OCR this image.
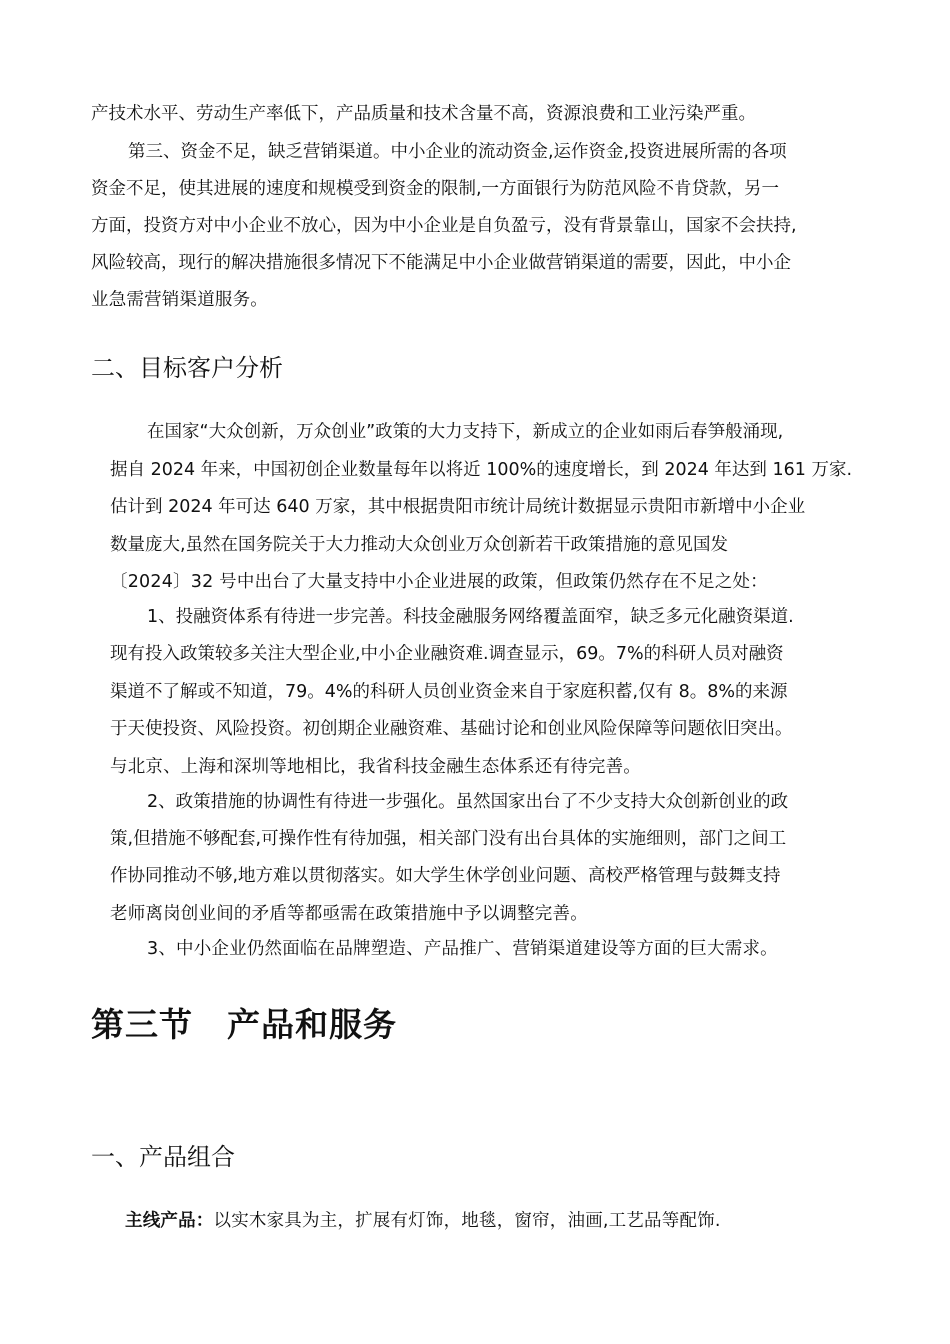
产技术水平、劳动生产率低下，产品质量和技术含量不高，资源浪费和工业污染严重。
第三、资金不足，缺乏营销渠道。中小企业的流动资金,运作资金,投资进展所需的各项
资金不足，使其进展的速度和规模受到资金的限制,一方面银行为防范风险不肯贷款，另一
方面，投资方对中小企业不放心，因为中小企业是自负盈亏，没有背景靠山，国家不会扶持,
风险较高，现行的解决措施很多情况下不能满足中小企业做营销渠道的需要，因此，中小企
业急需营销渠道服务。
二、目标客户分析
在国家“大众创新，万众创业”政策的大力支持下，新成立的企业如雨后春笋般涌现,
据自 2024 年来，中国初创企业数量每年以将近 100%的速度增长，到 2024 年达到 161 万家.
估计到 2024 年可达 640 万家，其中根据贵阳市统计局统计数据显示贵阳市新增中小企业
数量庞大,虽然在国务院关于大力推动大众创业万众创新若干政策措施的意见国发
〔2024〕32 号中出台了大量支持中小企业进展的政策，但政策仍然存在不足之处：
1、投融资体系有待进一步完善。科技金融服务网络覆盖面窄，缺乏多元化融资渠道.
现有投入政策较多关注大型企业,中小企业融资难.调查显示，69。7%的科研人员对融资
渠道不了解或不知道，79。4%的科研人员创业资金来自于家庭积蓄,仅有 8。8%的来源
于天使投资、风险投资。初创期企业融资难、基础讨论和创业风险保障等问题依旧突出。
与北京、上海和深圳等地相比，我省科技金融生态体系还有待完善。
2、政策措施的协调性有待进一步强化。虽然国家出台了不少支持大众创新创业的政
策,但措施不够配套,可操作性有待加强，相关部门没有出台具体的实施细则，部门之间工
作协同推动不够,地方难以贯彻落实。如大学生休学创业问题、高校严格管理与鼓舞支持
老师离岗创业间的矛盾等都亟需在政策措施中予以调整完善。
3、中小企业仍然面临在品牌塑造、产品推广、营销渠道建设等方面的巨大需求。
第三节 产品和服务
一、产品组合
主线产品：以实木家具为主，扩展有灯饰，地毯，窗帘，油画,工艺品等配饰.
